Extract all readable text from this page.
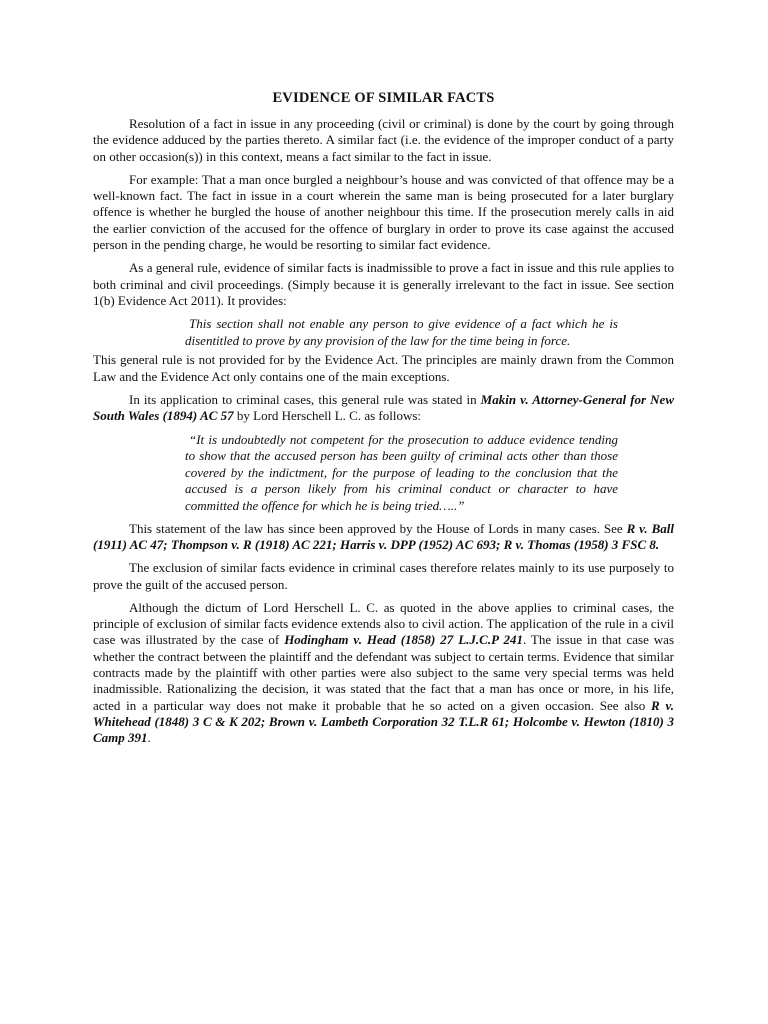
EVIDENCE OF SIMILAR FACTS

Resolution of a fact in issue in any proceeding (civil or criminal) is done by the court by going through the evidence adduced by the parties thereto. A similar fact (i.e. the evidence of the improper conduct of a party on other occasion(s)) in this context, means a fact similar to the fact in issue.

For example: That a man once burgled a neighbour’s house and was convicted of that offence may be a well-known fact. The fact in issue in a court wherein the same man is being prosecuted for a later burglary offence is whether he burgled the house of another neighbour this time. If the prosecution merely calls in aid the earlier conviction of the accused for the offence of burglary in order to prove its case against the accused person in the pending charge, he would be resorting to similar fact evidence.

As a general rule, evidence of similar facts is inadmissible to prove a fact in issue and this rule applies to both criminal and civil proceedings. (Simply because it is generally irrelevant to the fact in issue. See section 1(b) Evidence Act 2011). It provides:

This section shall not enable any person to give evidence of a fact which he is disentitled to prove by any provision of the law for the time being in force.

This general rule is not provided for by the Evidence Act. The principles are mainly drawn from the Common Law and the Evidence Act only contains one of the main exceptions.

In its application to criminal cases, this general rule was stated in Makin v. Attorney-General for New South Wales (1894) AC 57 by Lord Herschell L. C. as follows:

“It is undoubtedly not competent for the prosecution to adduce evidence tending to show that the accused person has been guilty of criminal acts other than those covered by the indictment, for the purpose of leading to the conclusion that the accused is a person likely from his criminal conduct or character to have committed the offence for which he is being tried…..”

This statement of the law has since been approved by the House of Lords in many cases. See R v. Ball (1911) AC 47; Thompson v. R (1918) AC 221; Harris v. DPP (1952) AC 693; R v. Thomas (1958) 3 FSC 8.

The exclusion of similar facts evidence in criminal cases therefore relates mainly to its use purposely to prove the guilt of the accused person.

Although the dictum of Lord Herschell L. C. as quoted in the above applies to criminal cases, the principle of exclusion of similar facts evidence extends also to civil action. The application of the rule in a civil case was illustrated by the case of Hodingham v. Head (1858) 27 L.J.C.P 241. The issue in that case was whether the contract between the plaintiff and the defendant was subject to certain terms. Evidence that similar contracts made by the plaintiff with other parties were also subject to the same very special terms was held inadmissible. Rationalizing the decision, it was stated that the fact that a man has once or more, in his life, acted in a particular way does not make it probable that he so acted on a given occasion. See also R v. Whitehead (1848) 3 C & K 202; Brown v. Lambeth Corporation 32 T.L.R 61; Holcombe v. Hewton (1810) 3 Camp 391.
